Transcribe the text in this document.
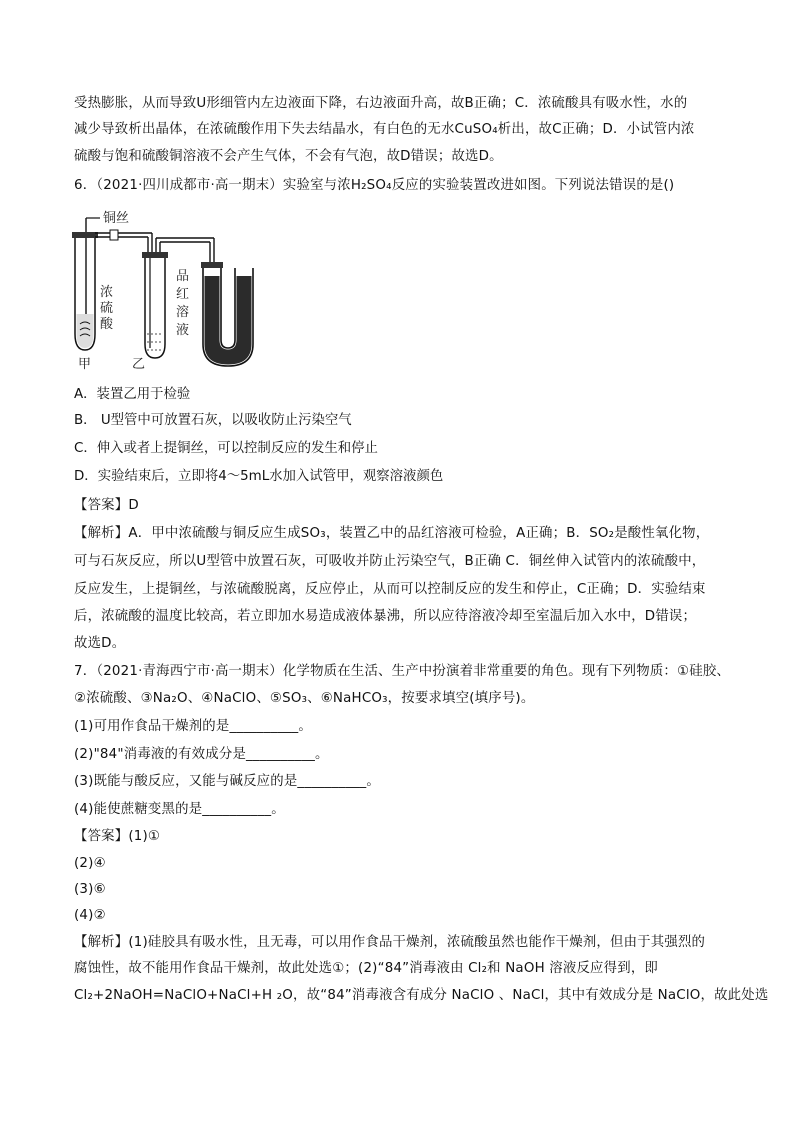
受热膨胀，从而导致U形细管内左边液面下降，右边液面升高，故B正确；C．浓硫酸具有吸水性，水的
减少导致析出晶体，在浓硫酸作用下失去结晶水，有白色的无水CuSO₄析出，故C正确；D．小试管内浓
硫酸与饱和硫酸铜溶液不会产生气体，不会有气泡，故D错误；故选D。
6．（2021·四川成都市·高一期末）实验室与浓H₂SO₄反应的实验装置改进如图。下列说法错误的是()
铜丝
浓
硫
酸
甲	乙
品
红
溶
液
A．装置乙用于检验
B． U型管中可放置石灰，以吸收防止污染空气
C．伸入或者上提铜丝，可以控制反应的发生和停止
D．实验结束后，立即将4～5mL水加入试管甲，观察溶液颜色
【答案】D
【解析】A．甲中浓硫酸与铜反应生成SO₃，装置乙中的品红溶液可检验，A正确；B．SO₂是酸性氧化物，
可与石灰反应，所以U型管中放置石灰，可吸收并防止污染空气，B正确 C．铜丝伸入试管内的浓硫酸中，
反应发生，上提铜丝，与浓硫酸脱离，反应停止，从而可以控制反应的发生和停止，C正确；D．实验结束
后，浓硫酸的温度比较高，若立即加水易造成液体暴沸，所以应待溶液冷却至室温后加入水中，D错误；
故选D。
7．（2021·青海西宁市·高一期末）化学物质在生活、生产中扮演着非常重要的角色。现有下列物质：①硅胶、
②浓硫酸、③Na₂O、④NaClO、⑤SO₃、⑥NaHCO₃，按要求填空(填序号)。
(1)可用作食品干燥剂的是__________。
(2)"84"消毒液的有效成分是__________。
(3)既能与酸反应，又能与碱反应的是__________。
(4)能使蔗糖变黑的是__________。
【答案】(1)①
(2)④
(3)⑥
(4)②
【解析】(1)硅胶具有吸水性，且无毒，可以用作食品干燥剂，浓硫酸虽然也能作干燥剂，但由于其强烈的
腐蚀性，故不能用作食品干燥剂，故此处选①；(2)“84”消毒液由 Cl₂和 NaOH 溶液反应得到，即
Cl₂+2NaOH=NaClO+NaCl+H ₂O，故“84”消毒液含有成分 NaClO 、NaCl，其中有效成分是 NaClO，故此处选
